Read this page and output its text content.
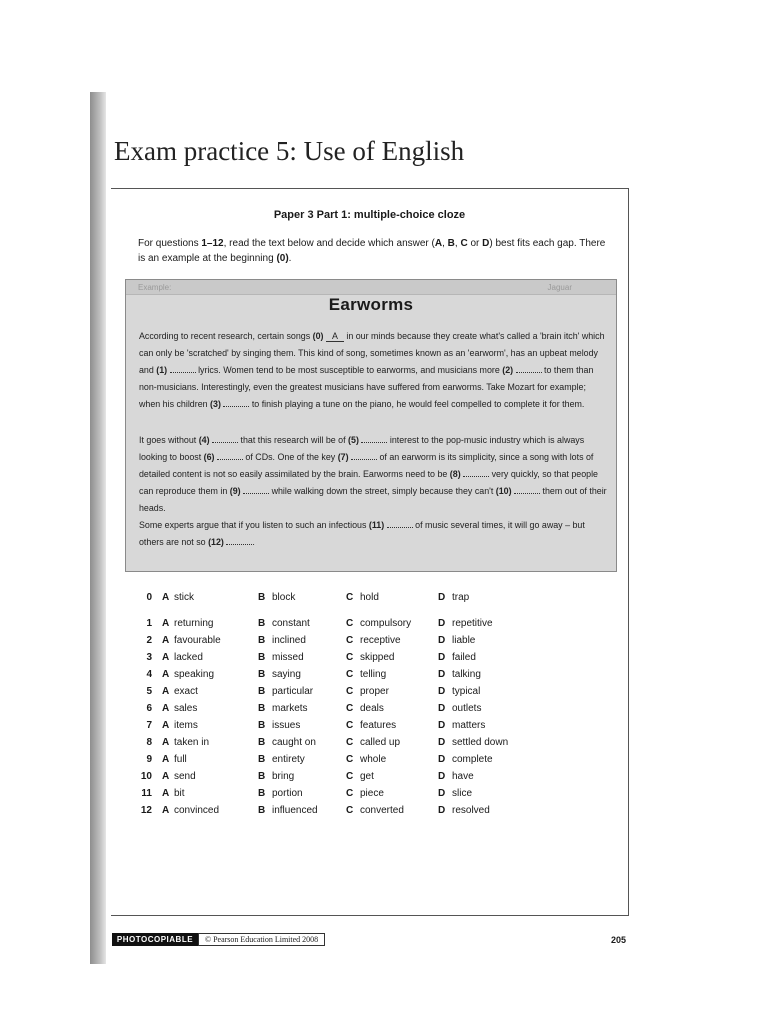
Exam practice 5: Use of English
Paper 3 Part 1: multiple-choice cloze
For questions 1–12, read the text below and decide which answer (A, B, C or D) best fits each gap. There is an example at the beginning (0).
Example:	Jaguar
Earworms
According to recent research, certain songs (0) A in our minds because they create what's called a 'brain itch' which can only be 'scratched' by singing them. This kind of song, sometimes known as an 'earworm', has an upbeat melody and (1)	lyrics. Women tend to be most susceptible to earworms, and musicians more (2)	to them than non-musicians. Interestingly, even the greatest musicians have suffered from earworms. Take Mozart for example; when his children (3)	to finish playing a tune on the piano, he would feel compelled to complete it for them.
It goes without (4)	that this research will be of (5)	interest to the pop-music industry which is always looking to boost (6)	of CDs. One of the key (7)	of an earworm is its simplicity, since a song with lots of detailed content is not so easily assimilated by the brain. Earworms need to be (8)	very quickly, so that people can reproduce them in (9)	while walking down the street, simply because they can't (10)	them out of their heads.
Some experts argue that if you listen to such an infectious (11)	of music several times, it will go away – but others are not so (12)	.
0 A stick	B block	C hold	D trap
1 A returning	B constant	C compulsory	D repetitive
2 A favourable	B inclined	C receptive	D liable
3 A lacked	B missed	C skipped	D failed
4 A speaking	B saying	C telling	D talking
5 A exact	B particular	C proper	D typical
6 A sales	B markets	C deals	D outlets
7 A items	B issues	C features	D matters
8 A taken in	B caught on	C called up	D settled down
9 A full	B entirety	C whole	D complete
10 A send	B bring	C get	D have
11 A bit	B portion	C piece	D slice
12 A convinced	B influenced	C converted	D resolved
PHOTOCOPIABLE	© Pearson Education Limited 2008	205
